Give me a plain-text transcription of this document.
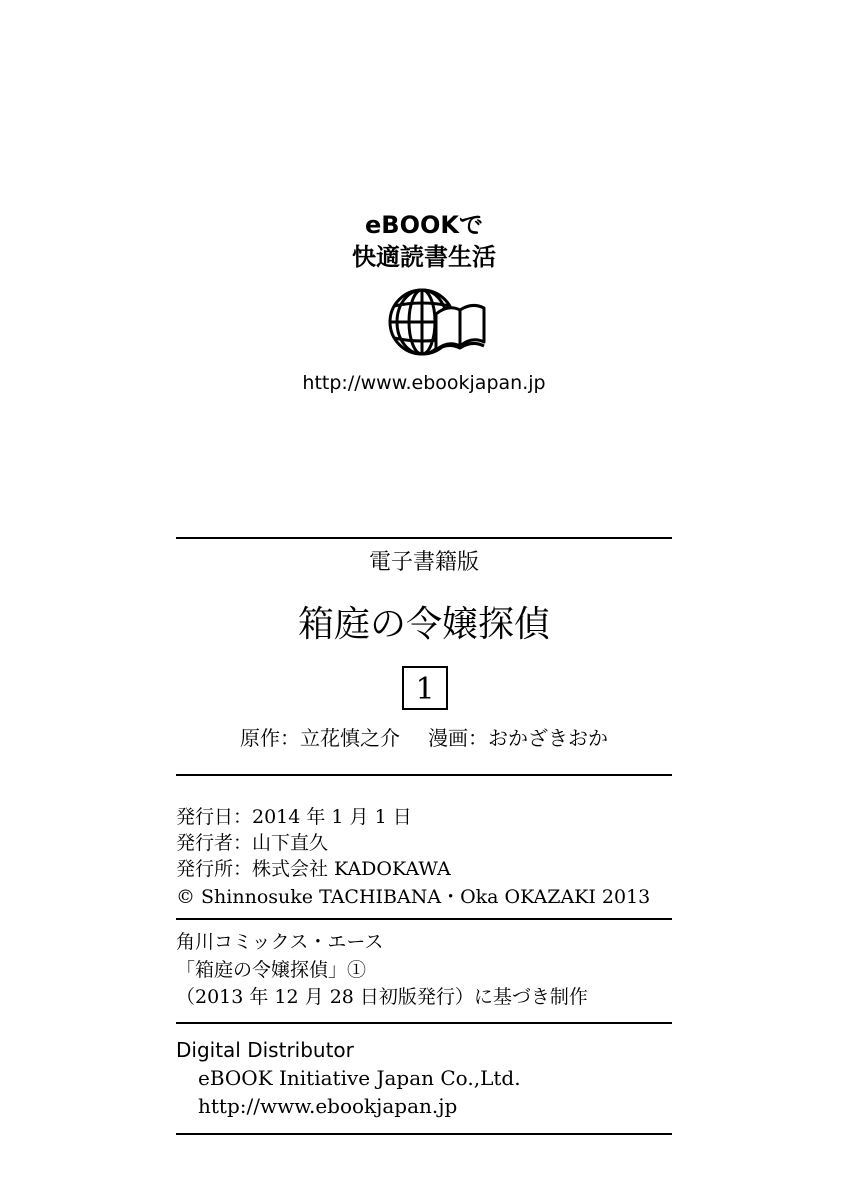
eBOOKで
快適読書生活
http://www.ebookjapan.jp
電子書籍版
箱庭の令嬢探偵
1
原作：立花慎之介 漫画：おかざきおか
発行日：2014 年 1 月 1 日
発行者：山下直久
発行所：株式会社 KADOKAWA
© Shinnosuke TACHIBANA・Oka OKAZAKI 2013
角川コミックス・エース
「箱庭の令嬢探偵」①
（2013 年 12 月 28 日初版発行）に基づき制作
Digital Distributor
eBOOK Initiative Japan Co.,Ltd.
http://www.ebookjapan.jp
